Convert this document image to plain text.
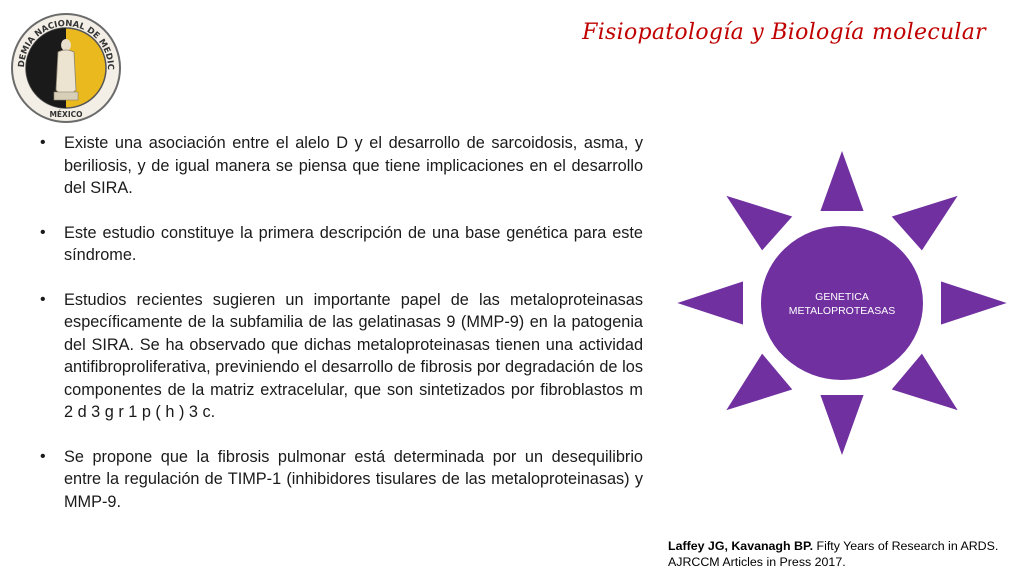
DEMIA NACIONAL DE MEDIC
MÉXICO
Fisiopatología y Biología molecular
• Existe una asociación entre el alelo D y el desarrollo de sarcoidosis, asma, y beriliosis, y de igual manera se piensa que tiene implicaciones en el desarrollo del SIRA.
• Este estudio constituye la primera descripción de una base genética para este síndrome.
• Estudios recientes sugieren un importante papel de las metaloproteinasas específicamente de la subfamilia de las gelatinasas 9 (MMP-9) en la patogenia del SIRA. Se ha observado que dichas metaloproteinasas tienen una actividad antifibroproliferativa, previniendo el desarrollo de fibrosis por degradación de los componentes de la matriz extracelular, que son sintetizados por fibroblastos m 2 d 3 g r 1 p ( h ) 3 c.
• Se propone que la fibrosis pulmonar está determinada por un desequilibrio entre la regulación de TIMP-1 (inhibidores tisulares de las metaloproteinasas) y MMP-9.
GENETICA
METALOPROTEASAS
Laffey JG, Kavanagh BP. Fifty Years of Research in ARDS.
AJRCCM Articles in Press 2017.
